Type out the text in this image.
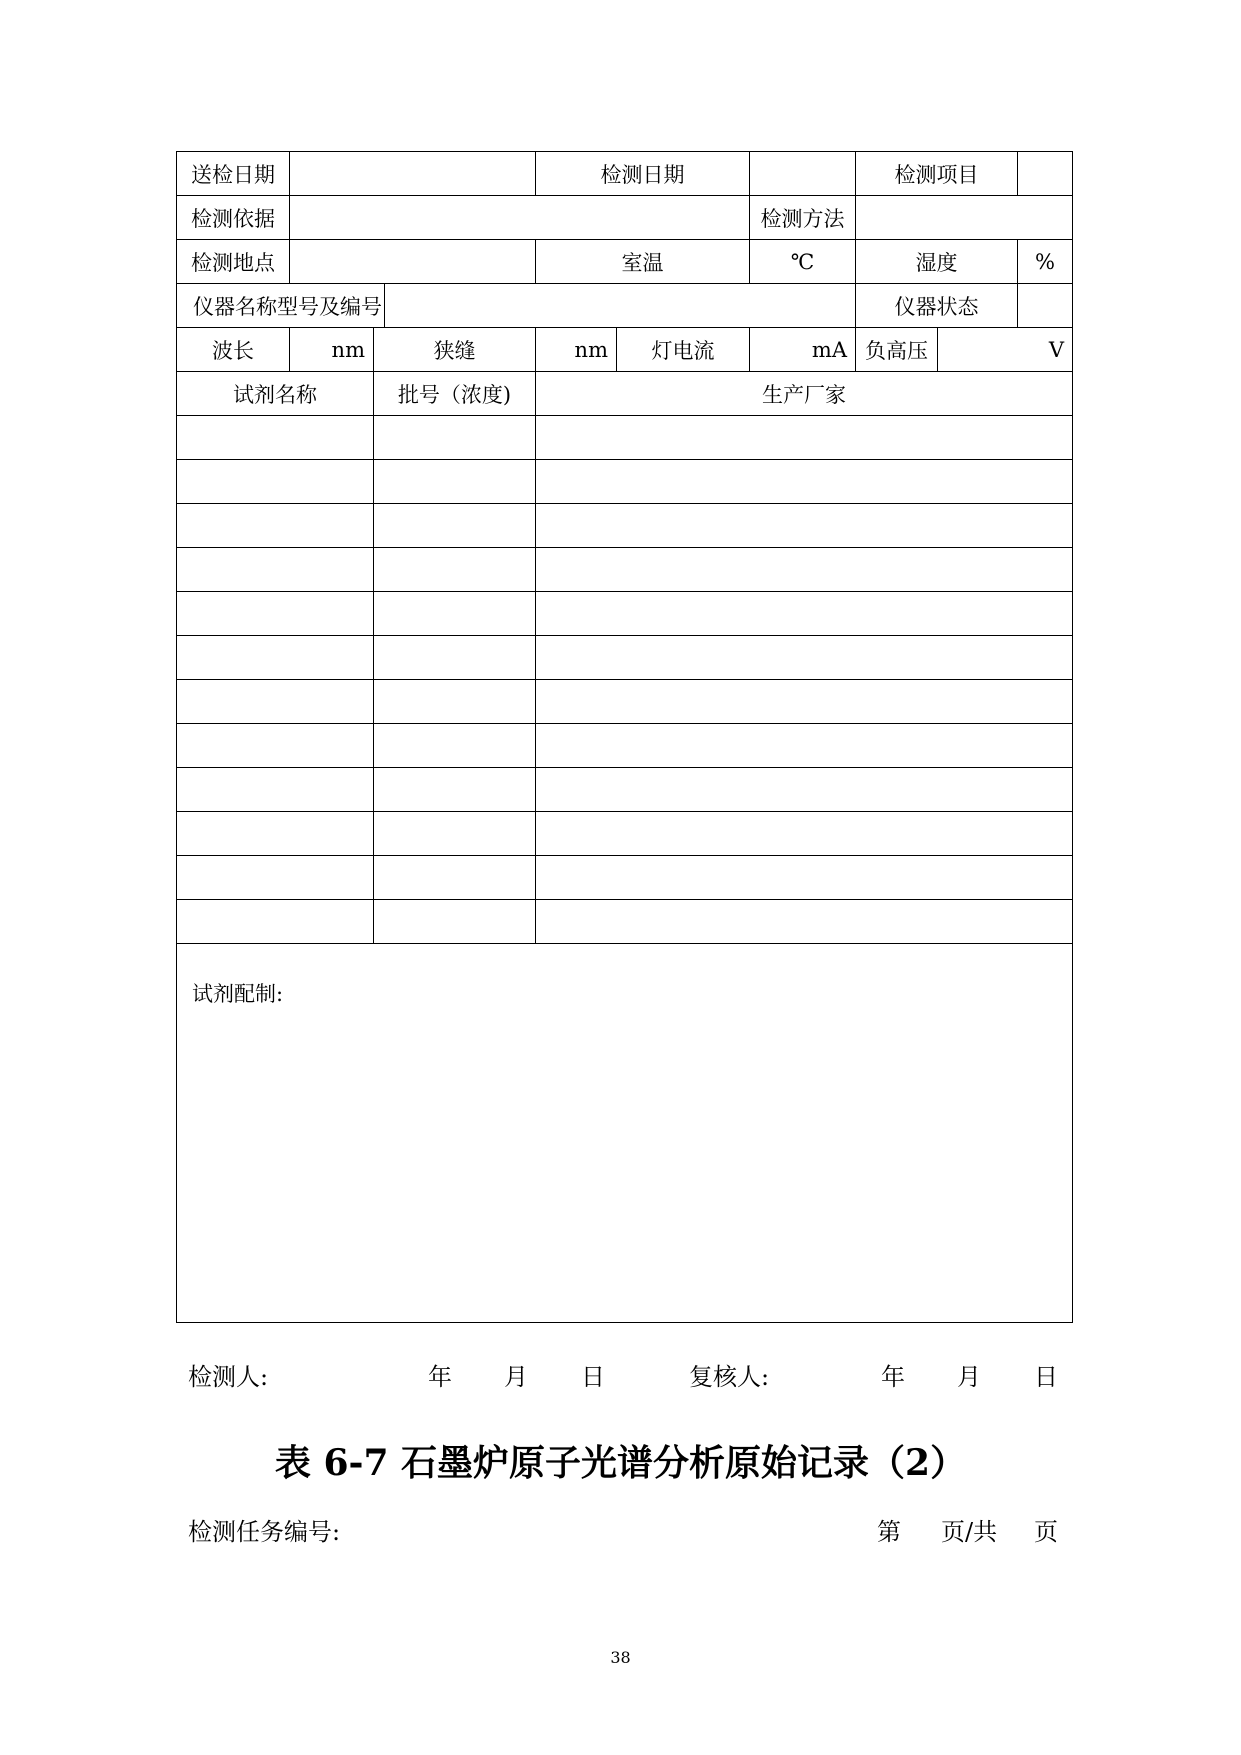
送检日期				检测日期			检测项目		
检测依据						检测方法			
检测地点				室温		℃	湿度		%
仪器名称型号及编号							仪器状态		
波长	nm	狭缝		nm	灯电流	mA	负高压	V	
试剂名称		批号（浓度)		生产厂家					

试剂配制:
检测人:	年 月 日	复核人:	年 月 日
表 6-7 石墨炉原子光谱分析原始记录（2）
检测任务编号:	第 页/共 页
38
